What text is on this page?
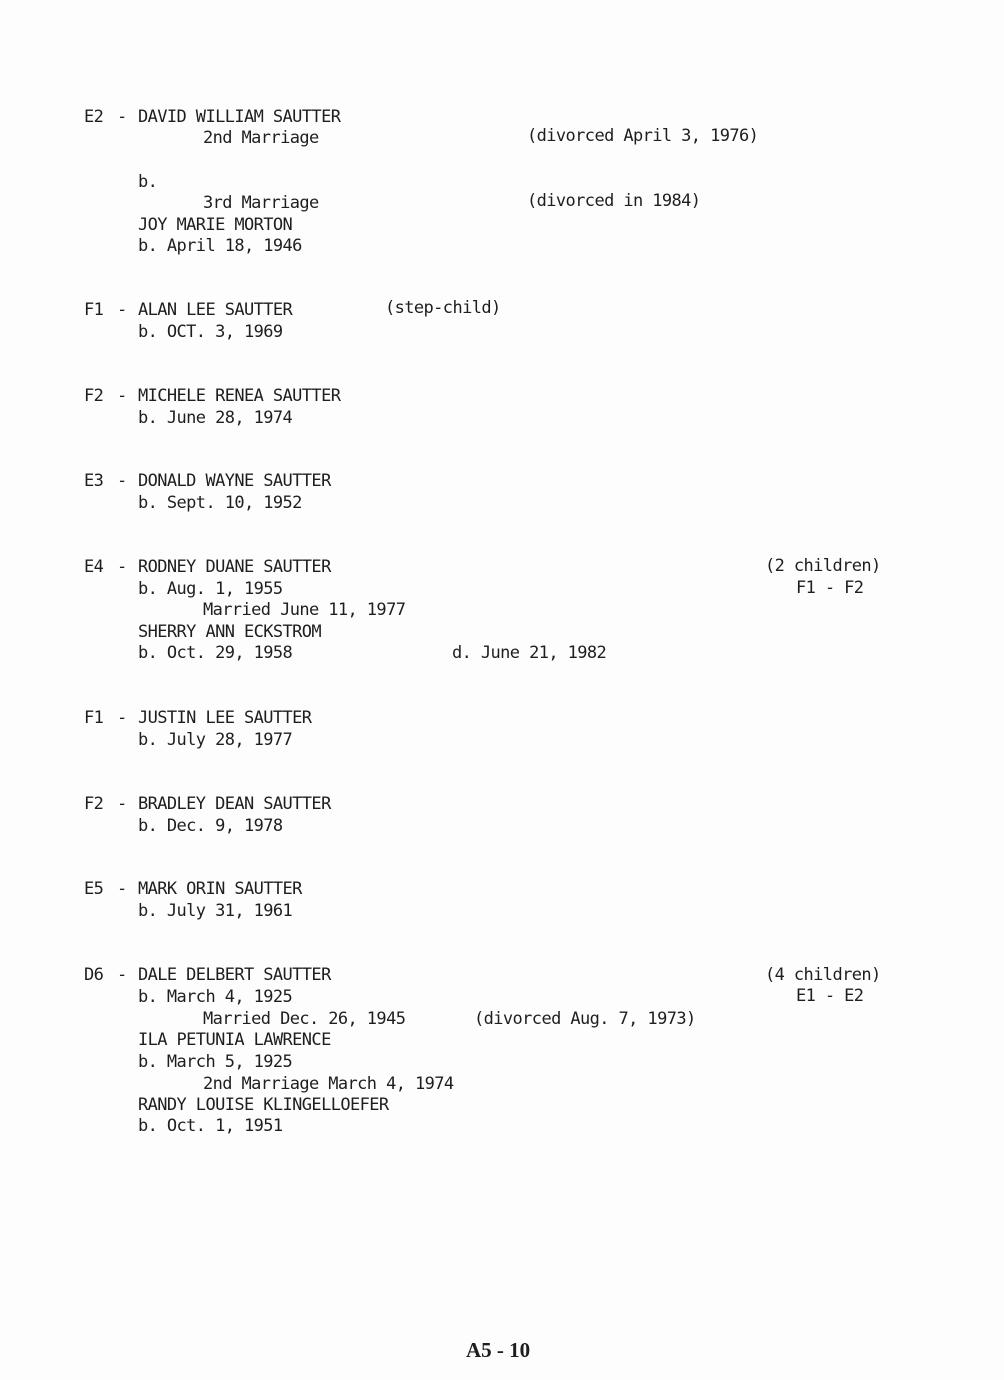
E2 - DAVID WILLIAM SAUTTER
2nd Marriage	(divorced April 3, 1976)
b.
3rd Marriage	(divorced in 1984)
JOY MARIE MORTON
b. April 18, 1946
F1 - ALAN LEE SAUTTER	(step-child)
b. OCT. 3, 1969
F2 - MICHELE RENEA SAUTTER
b. June 28, 1974
E3 - DONALD WAYNE SAUTTER
b. Sept. 10, 1952
E4 - RODNEY DUANE SAUTTER	(2 children)
F1 - F2
b. Aug. 1, 1955
Married June 11, 1977
SHERRY ANN ECKSTROM
b. Oct. 29, 1958	d. June 21, 1982
F1 - JUSTIN LEE SAUTTER
b. July 28, 1977
F2 - BRADLEY DEAN SAUTTER
b. Dec. 9, 1978
E5 - MARK ORIN SAUTTER
b. July 31, 1961
D6 - DALE DELBERT SAUTTER	(4 children)
E1 - E2
b. March 4, 1925
Married Dec. 26, 1945	(divorced Aug. 7, 1973)
ILA PETUNIA LAWRENCE
b. March 5, 1925
2nd Marriage March 4, 1974
RANDY LOUISE KLINGELLOEFER
b. Oct. 1, 1951
A5 - 10
